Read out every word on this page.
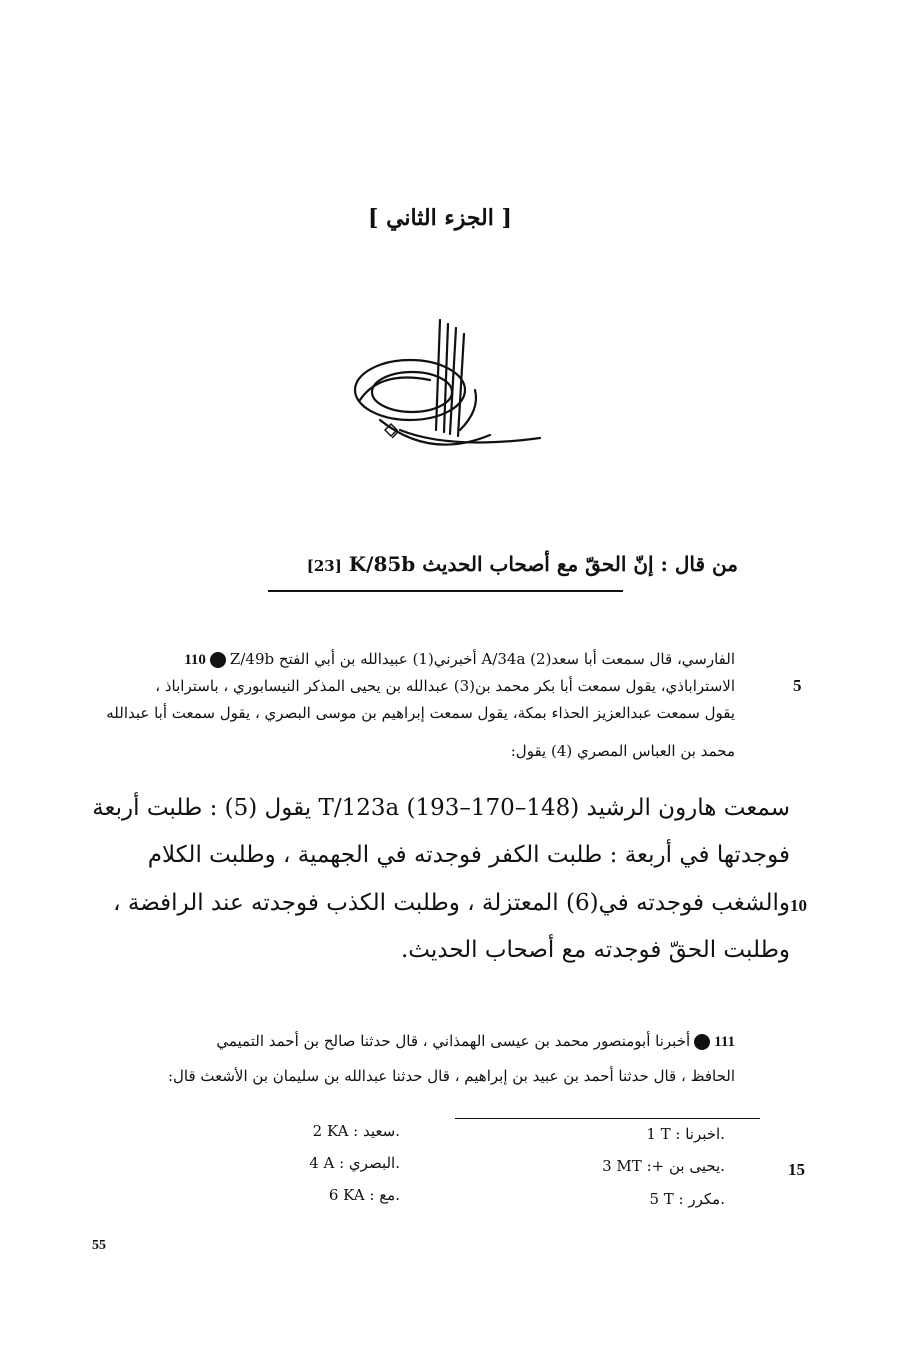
[ الجزء الثاني ]
[23] K/85b من قال : إنّ الحقّ مع أصحاب الحديث
110 Z/49b أخبرني(1) عبيدالله بن أبي الفتح A/34a الفارسي، قال سمعت أبا سعد(2)
الاستراباذي، يقول سمعت أبا بكر محمد بن(3) عبدالله بن يحيى المذكر النيسابوري ، باستراباذ ،
يقول سمعت عبدالعزيز الحذاء بمكة، يقول سمعت إبراهيم بن موسى البصري ، يقول سمعت أبا عبدالله
محمد بن العباس المصري (4) يقول:
5
سمعت هارون الرشيد (148–170–193) T/123a يقول (5) : طلبت أربعة
فوجدتها في أربعة : طلبت الكفر فوجدته في الجهمية ، وطلبت الكلام
والشغب فوجدته في(6) المعتزلة ، وطلبت الكذب فوجدته عند الرافضة ،
وطلبت الحقّ فوجدته مع أصحاب الحديث.
10
111أخبرنا أبومنصور محمد بن عيسى الهمذاني ، قال حدثنا صالح بن أحمد التميمي
الحافظ ، قال حدثنا أحمد بن عبيد بن إبراهيم ، قال حدثنا عبدالله بن سليمان بن الأشعث قال:
1 T : اخبرنا.
3 MT :+ يحيى بن.
5 T : مكرر.
2 KA : سعيد.
4 A : البصري.
6 KA : مع.
15
55
